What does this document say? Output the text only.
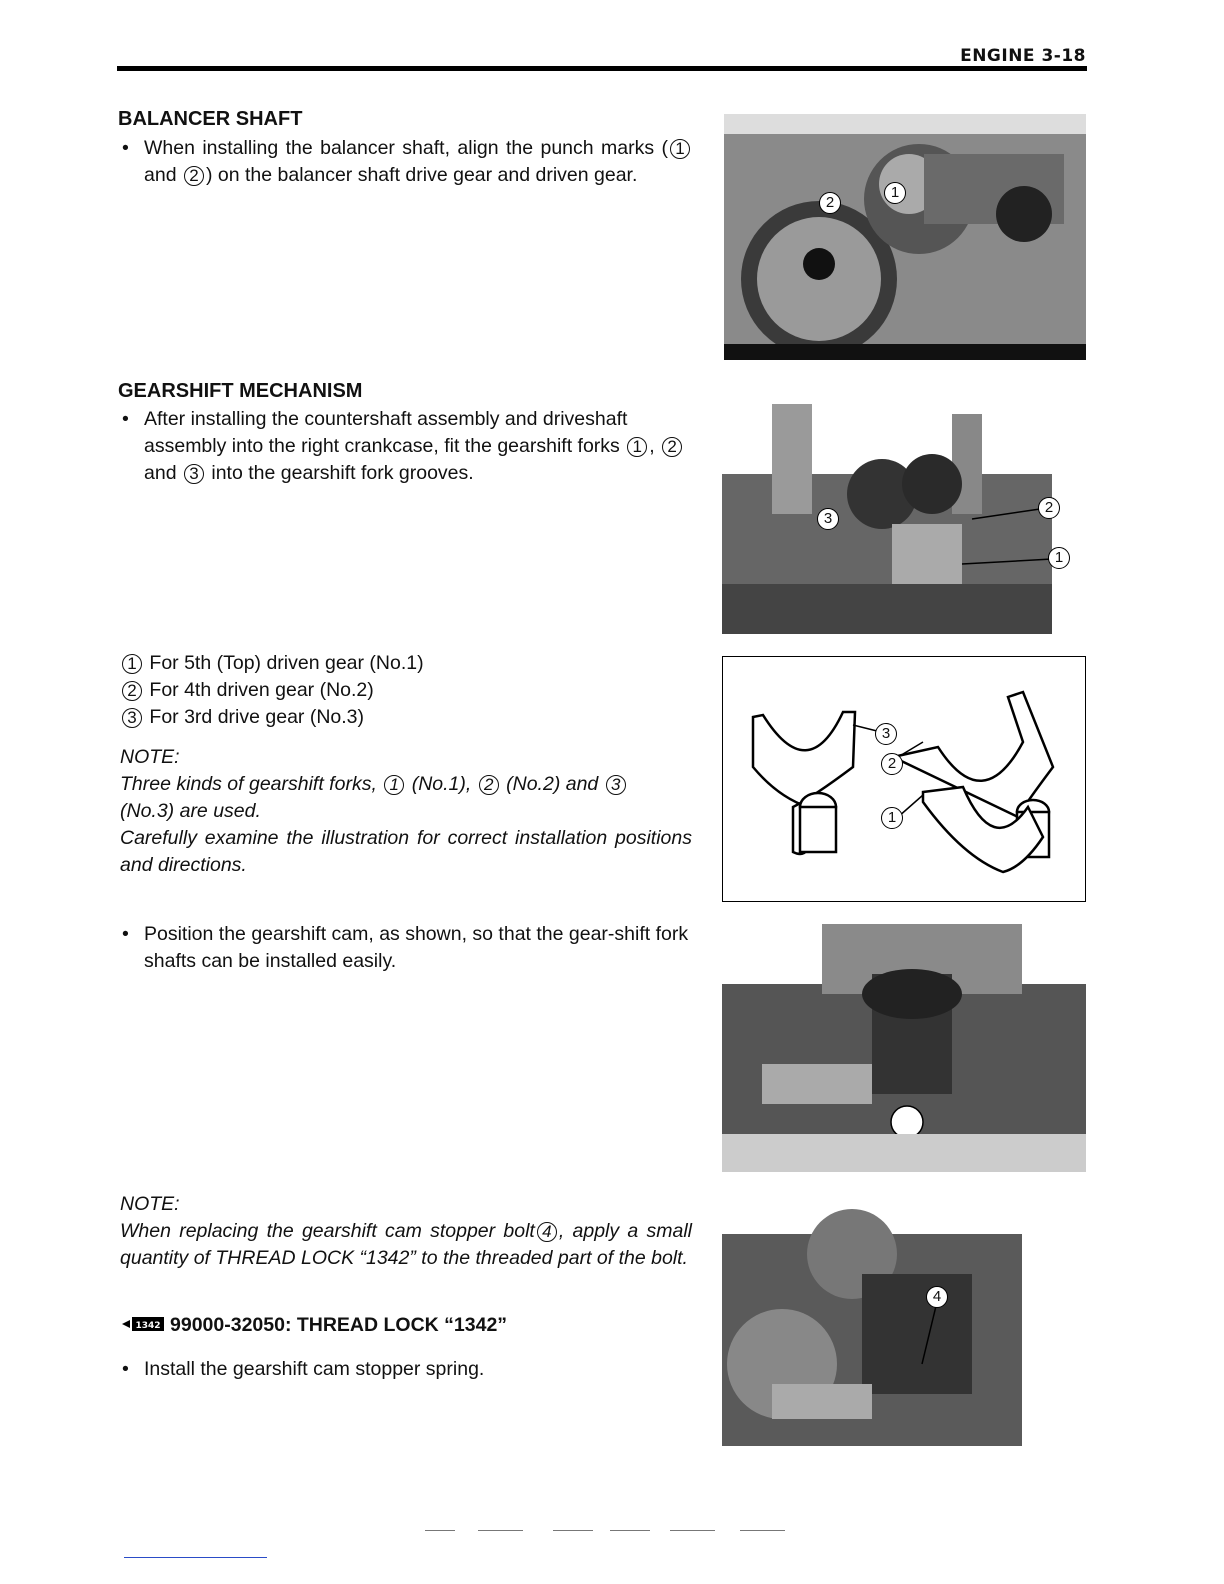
ENGINE 3-18
BALANCER SHAFT
• When installing the balancer shaft, align the punch marks ( 1 and 2 ) on the balancer shaft drive gear and driven gear.
1
2
GEARSHIFT MECHANISM
• After installing the countershaft assembly and driveshaft assembly into the right crankcase, fit the gearshift forks 1 , 2 and 3 into the gearshift fork grooves.
3
2
1
1 For 5th (Top) driven gear (No.1)
2 For 4th driven gear (No.2)
3 For 3rd drive gear (No.3)
NOTE:
Three kinds of gearshift forks, 1 (No.1), 2 (No.2) and 3
(No.3) are used.
Carefully examine the illustration for correct installation positions and directions.
3
2
1
• Position the gearshift cam, as shown, so that the gear-shift fork shafts can be installed easily.
NOTE:
When replacing the gearshift cam stopper bolt 4 , apply a small quantity of THREAD LOCK “1342” to the threaded part of the bolt.
1342 99000-32050: THREAD LOCK “1342”
• Install the gearshift cam stopper spring.
4
